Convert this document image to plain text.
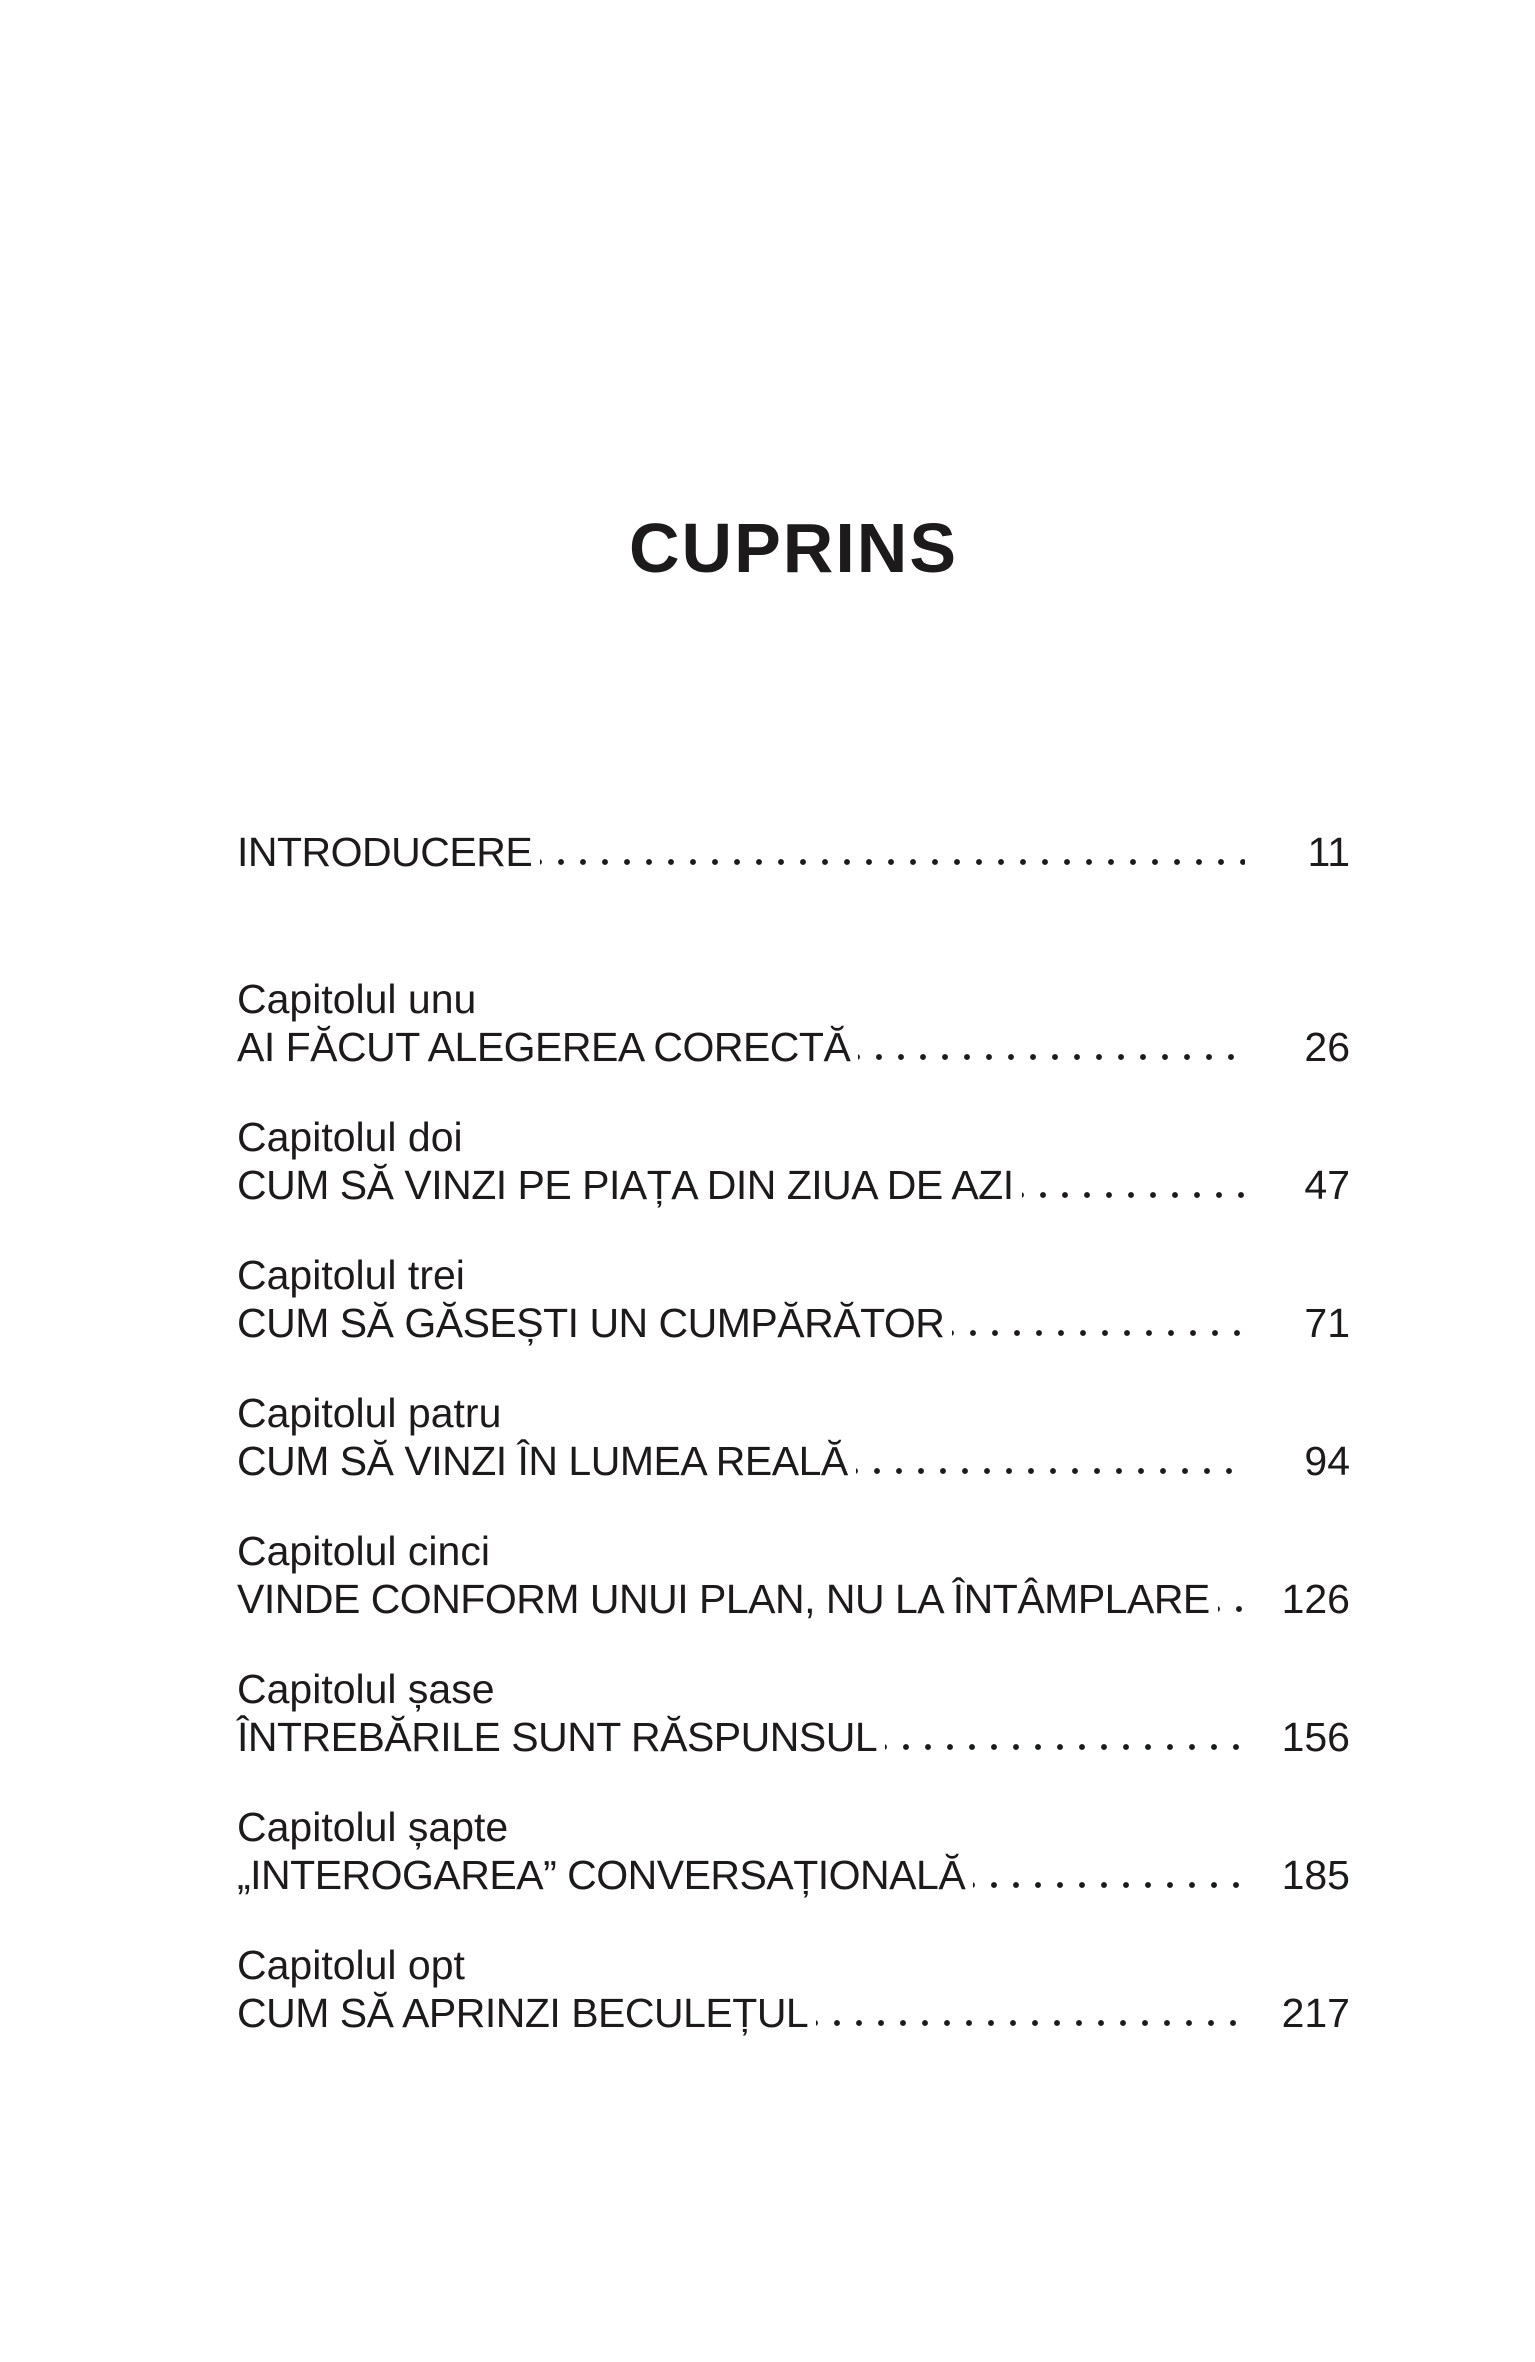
CUPRINS
INTRODUCERE	11
Capitolul unu
AI FĂCUT ALEGEREA CORECTĂ	26
Capitolul doi
CUM SĂ VINZI PE PIAȚA DIN ZIUA DE AZI	47
Capitolul trei
CUM SĂ GĂSEȘTI UN CUMPĂRĂTOR	71
Capitolul patru
CUM SĂ VINZI ÎN LUMEA REALĂ	94
Capitolul cinci
VINDE CONFORM UNUI PLAN, NU LA ÎNTÂMPLARE	126
Capitolul șase
ÎNTREBĂRILE SUNT RĂSPUNSUL	156
Capitolul șapte
„INTEROGAREA” CONVERSAȚIONALĂ	185
Capitolul opt
CUM SĂ APRINZI BECULEȚUL	217
